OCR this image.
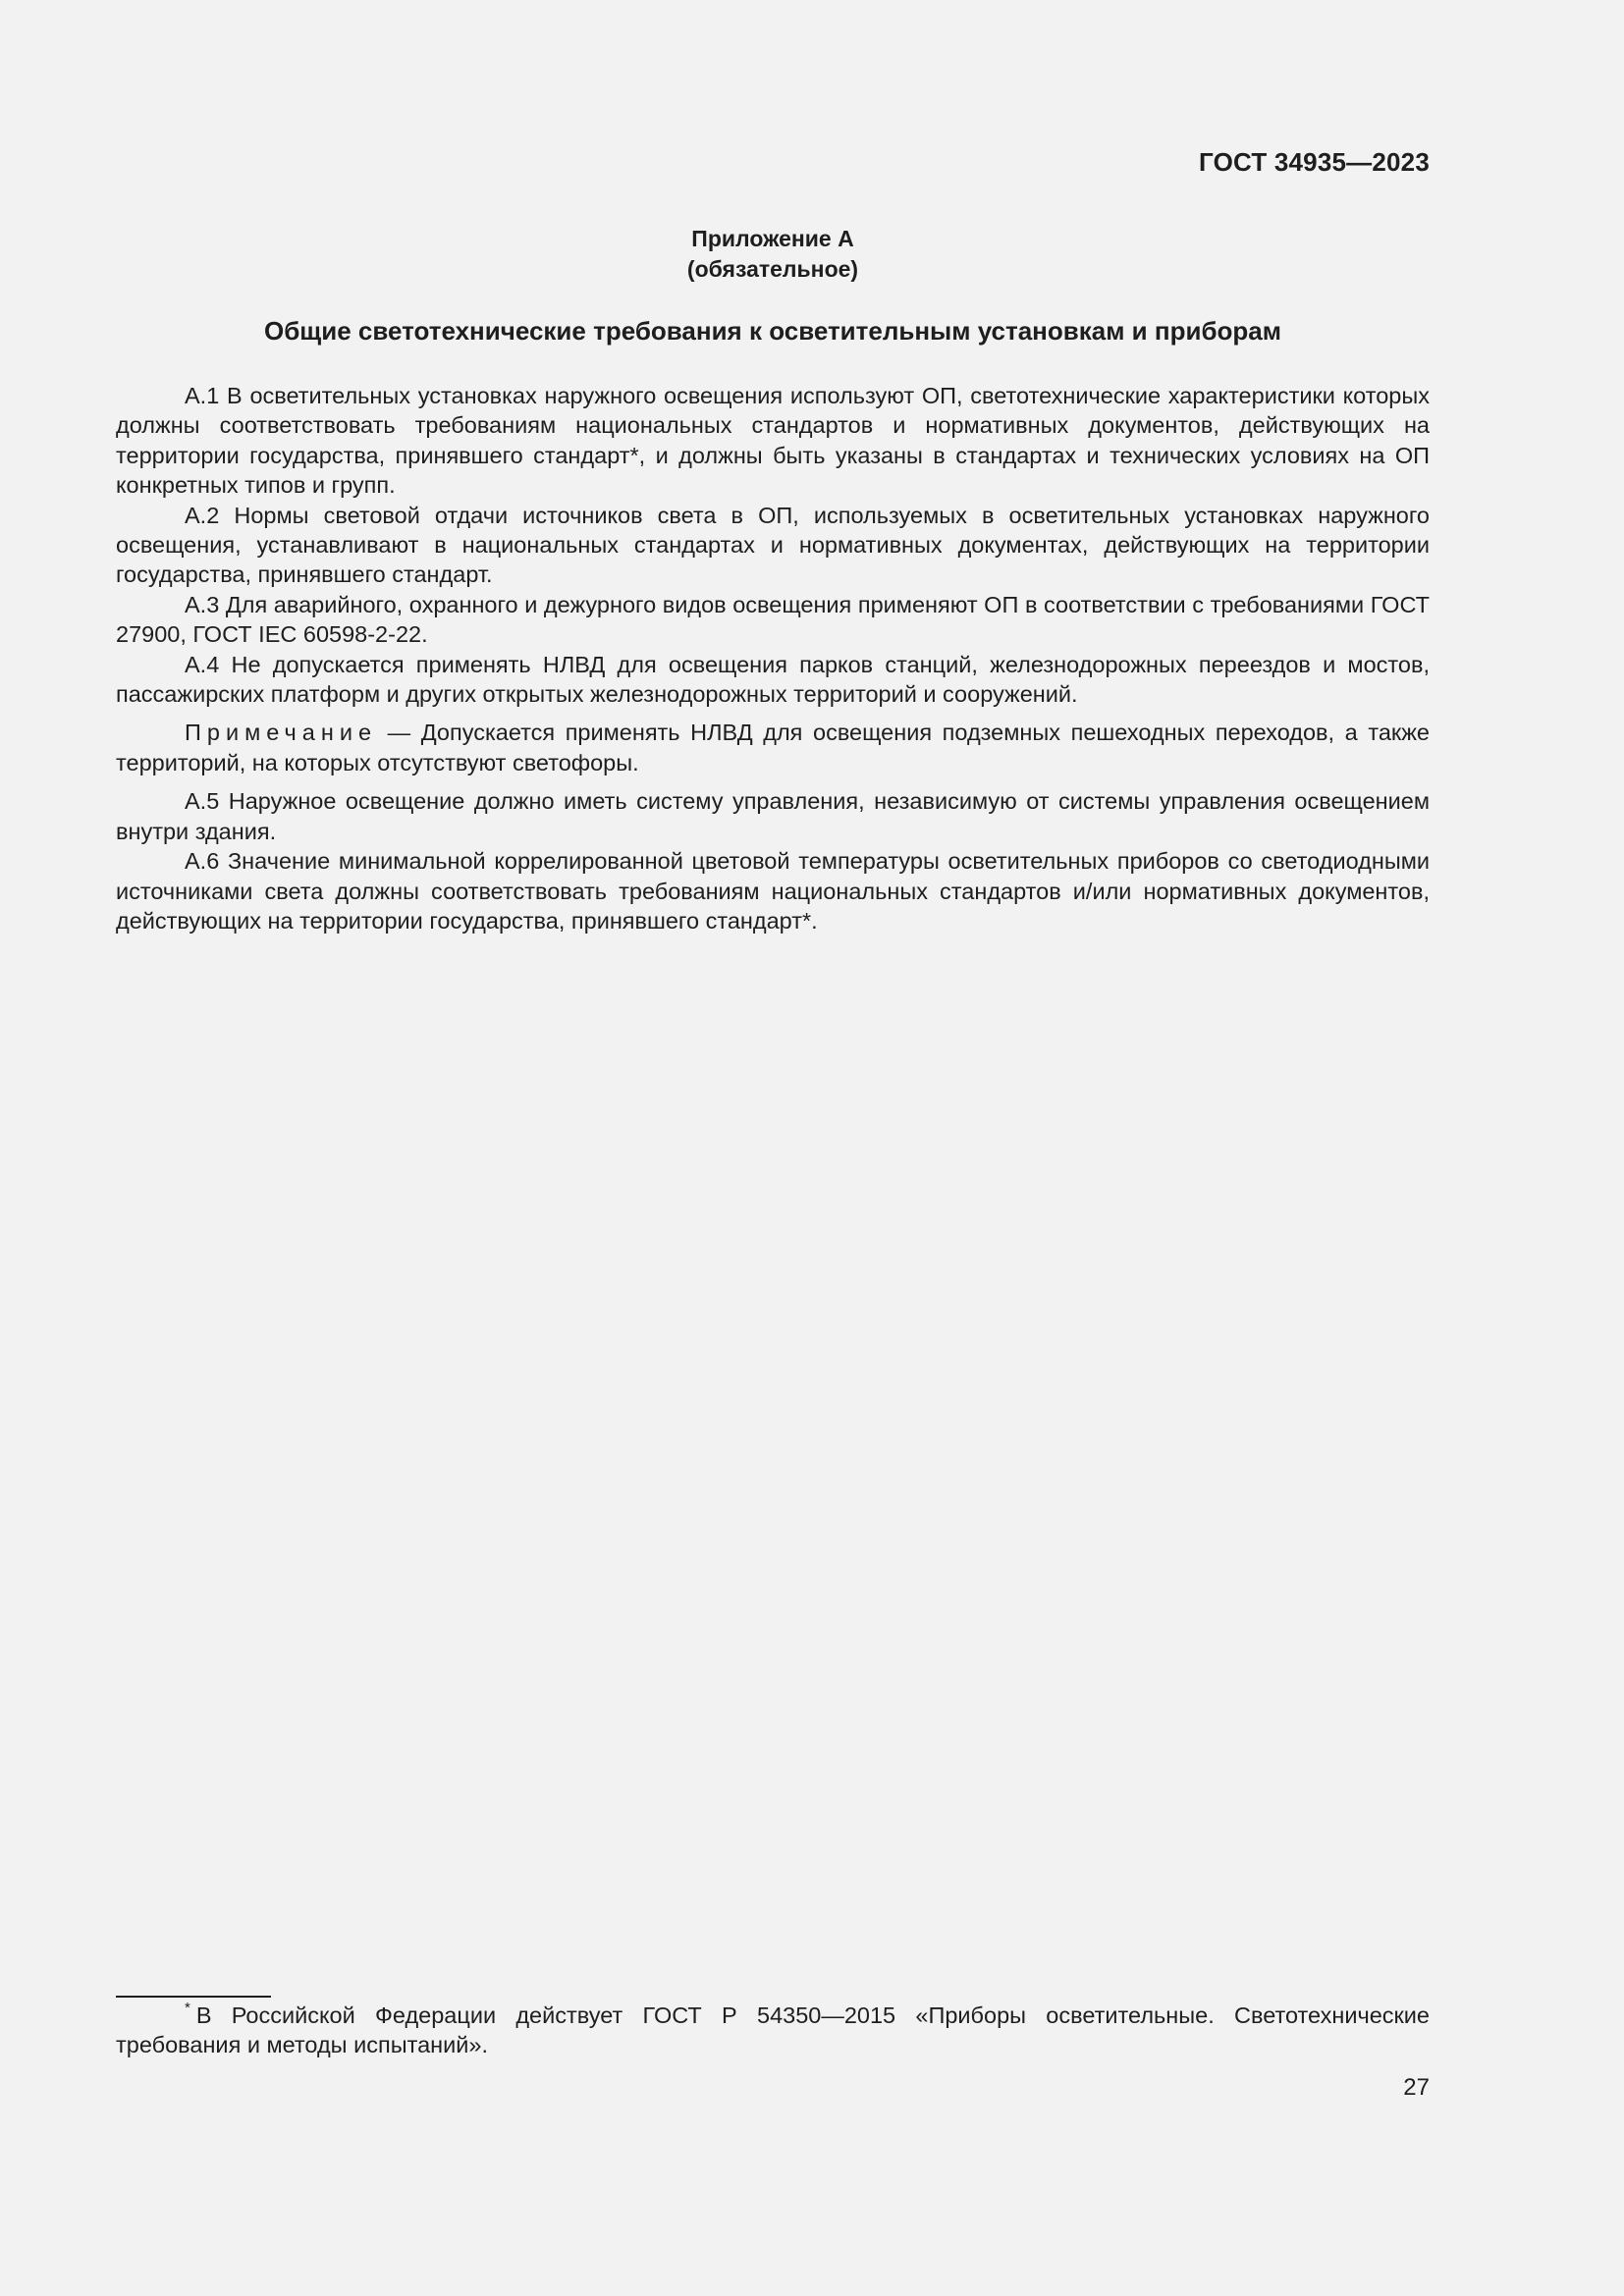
ГОСТ 34935—2023
Приложение А
(обязательное)
Общие светотехнические требования к осветительным установкам и приборам

А.1 В осветительных установках наружного освещения используют ОП, светотехнические характеристики которых должны соответствовать требованиям национальных стандартов и нормативных документов, действующих на территории государства, принявшего стандарт*, и должны быть указаны в стандартах и технических условиях на ОП конкретных типов и групп.

А.2 Нормы световой отдачи источников света в ОП, используемых в осветительных установках наружного освещения, устанавливают в национальных стандартах и нормативных документах, действующих на территории государства, принявшего стандарт.

А.3 Для аварийного, охранного и дежурного видов освещения применяют ОП в соответствии с требованиями ГОСТ 27900, ГОСТ IEC 60598-2-22.

А.4 Не допускается применять НЛВД для освещения парков станций, железнодорожных переездов и мостов, пассажирских платформ и других открытых железнодорожных территорий и сооружений.

Примечание — Допускается применять НЛВД для освещения подземных пешеходных переходов, а также территорий, на которых отсутствуют светофоры.

А.5 Наружное освещение должно иметь систему управления, независимую от системы управления освещением внутри здания.

А.6 Значение минимальной коррелированной цветовой температуры осветительных приборов со светодиодными источниками света должны соответствовать требованиям национальных стандартов и/или нормативных документов, действующих на территории государства, принявшего стандарт*.

* В Российской Федерации действует ГОСТ Р 54350—2015 «Приборы осветительные. Светотехнические требования и методы испытаний».

27
